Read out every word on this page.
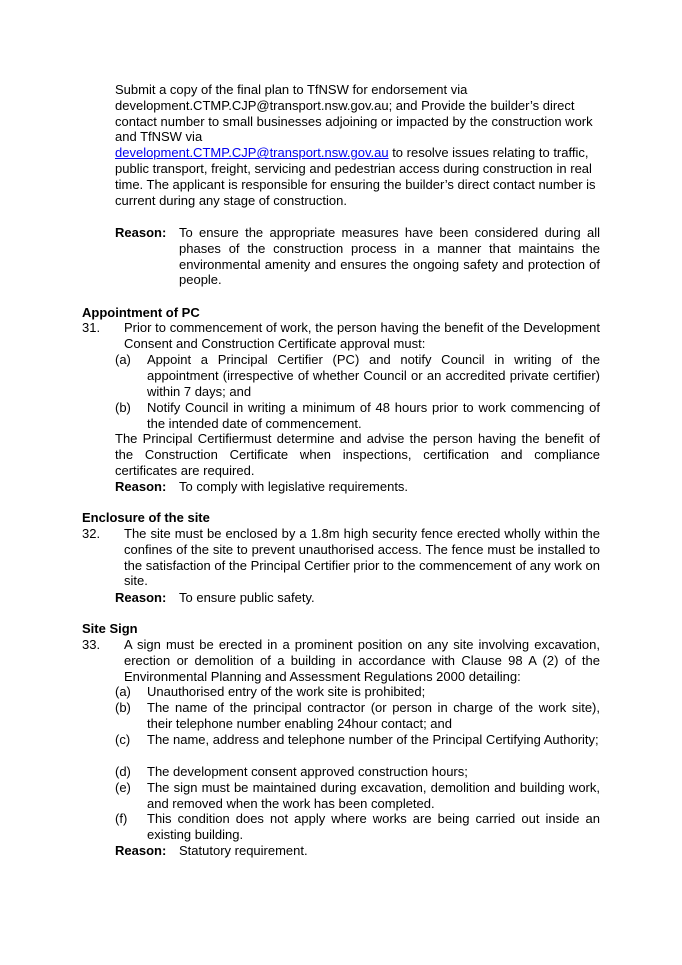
Submit a copy of the final plan to TfNSW for endorsement via development.CTMP.CJP@transport.nsw.gov.au; and Provide the builder’s direct contact number to small businesses adjoining or impacted by the construction work and TfNSW via
development.CTMP.CJP@transport.nsw.gov.au to resolve issues relating to traffic, public transport, freight, servicing and pedestrian access during construction in real time. The applicant is responsible for ensuring the builder’s direct contact number is current during any stage of construction.

Reason: To ensure the appropriate measures have been considered during all phases of the construction process in a manner that maintains the environmental amenity and ensures the ongoing safety and protection of people.
Appointment of PC
31. Prior to commencement of work, the person having the benefit of the Development Consent and Construction Certificate approval must:

(a) Appoint a Principal Certifier (PC) and notify Council in writing of the appointment (irrespective of whether Council or an accredited private certifier) within 7 days; and
(b) Notify Council in writing a minimum of 48 hours prior to work commencing of the intended date of commencement.

The Principal Certifiermust determine and advise the person having the benefit of the Construction Certificate when inspections, certification and compliance certificates are required.

Reason: To comply with legislative requirements.
Enclosure of the site
32. The site must be enclosed by a 1.8m high security fence erected wholly within the confines of the site to prevent unauthorised access. The fence must be installed to the satisfaction of the Principal Certifier prior to the commencement of any work on site.

Reason: To ensure public safety.
Site Sign
33. A sign must be erected in a prominent position on any site involving excavation, erection or demolition of a building in accordance with Clause 98 A (2) of the Environmental Planning and Assessment Regulations 2000 detailing:

(a) Unauthorised entry of the work site is prohibited;
(b) The name of the principal contractor (or person in charge of the work site), their telephone number enabling 24hour contact; and
(c) The name, address and telephone number of the Principal Certifying Authority;
(d) The development consent approved construction hours;
(e) The sign must be maintained during excavation, demolition and building work, and removed when the work has been completed.
(f) This condition does not apply where works are being carried out inside an existing building.
Reason: Statutory requirement.
